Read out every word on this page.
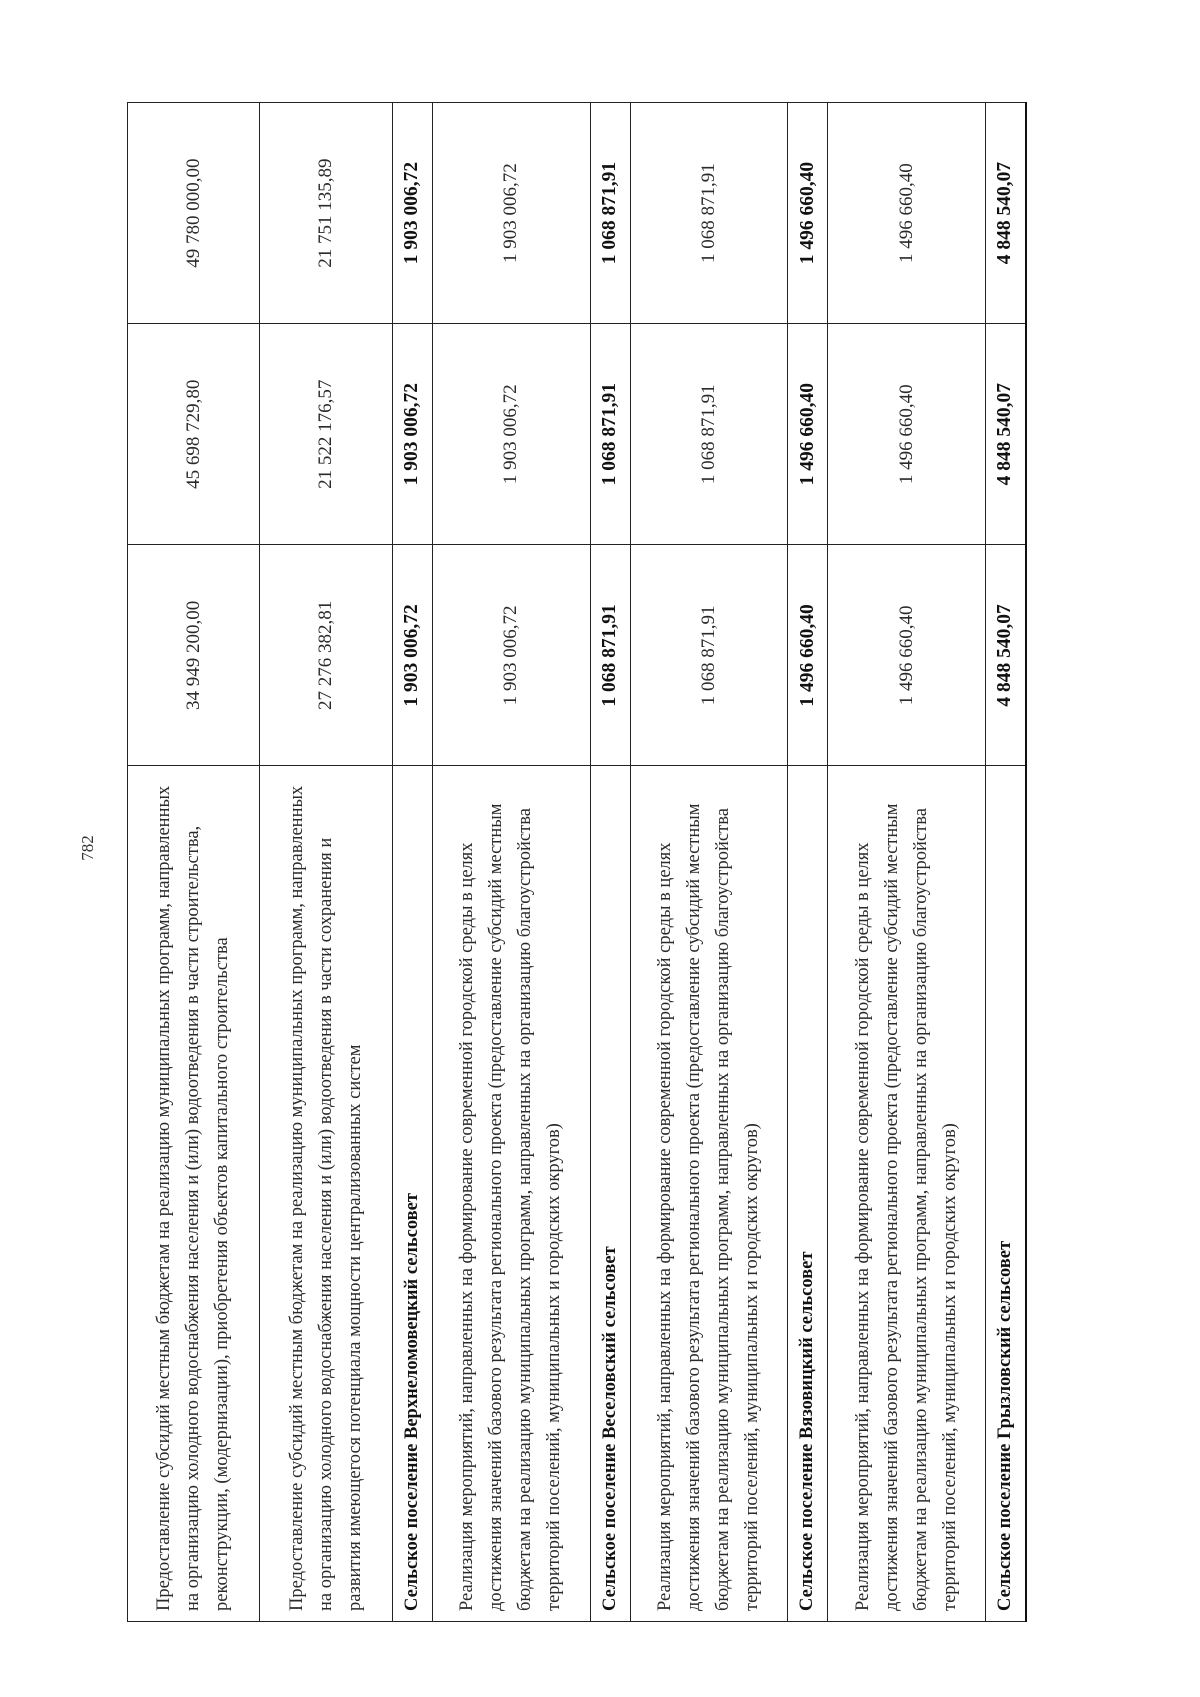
782	Предоставление субсидий местным бюджетам на реализацию муниципальных программ, направленных на организацию холодного водоснабжения населения и (или) водоотведения в части строительства, реконструкции, (модернизации), приобретения объектов капитального строительства	34 949 200,00	45 698 729,80	49 780 000,00
Предоставление субсидий местным бюджетам на реализацию муниципальных программ, направленных на организацию холодного водоснабжения населения и (или) водоотведения в части сохранения и развития имеющегося потенциала мощности централизованных систем	27 276 382,81	21 522 176,57	21 751 135,89
Сельское поселение Верхнеломовецкий сельсовет	1 903 006,72	1 903 006,72	1 903 006,72
Реализация мероприятий, направленных на формирование современной городской среды в целях достижения значений базового результата регионального проекта (предоставление субсидий местным бюджетам на реализацию муниципальных программ, направленных на организацию благоустройства территорий поселений, муниципальных и городских округов)	1 903 006,72	1 903 006,72	1 903 006,72
Сельское поселение Веселовский сельсовет	1 068 871,91	1 068 871,91	1 068 871,91
Реализация мероприятий, направленных на формирование современной городской среды в целях достижения значений базового результата регионального проекта (предоставление субсидий местным бюджетам на реализацию муниципальных программ, направленных на организацию благоустройства территорий поселений, муниципальных и городских округов)	1 068 871,91	1 068 871,91	1 068 871,91
Сельское поселение Вязовицкий сельсовет	1 496 660,40	1 496 660,40	1 496 660,40
Реализация мероприятий, направленных на формирование современной городской среды в целях достижения значений базового результата регионального проекта (предоставление субсидий местным бюджетам на реализацию муниципальных программ, направленных на организацию благоустройства территорий поселений, муниципальных и городских округов)	1 496 660,40	1 496 660,40	1 496 660,40
Сельское поселение Грызловский сельсовет	4 848 540,07	4 848 540,07	4 848 540,07
